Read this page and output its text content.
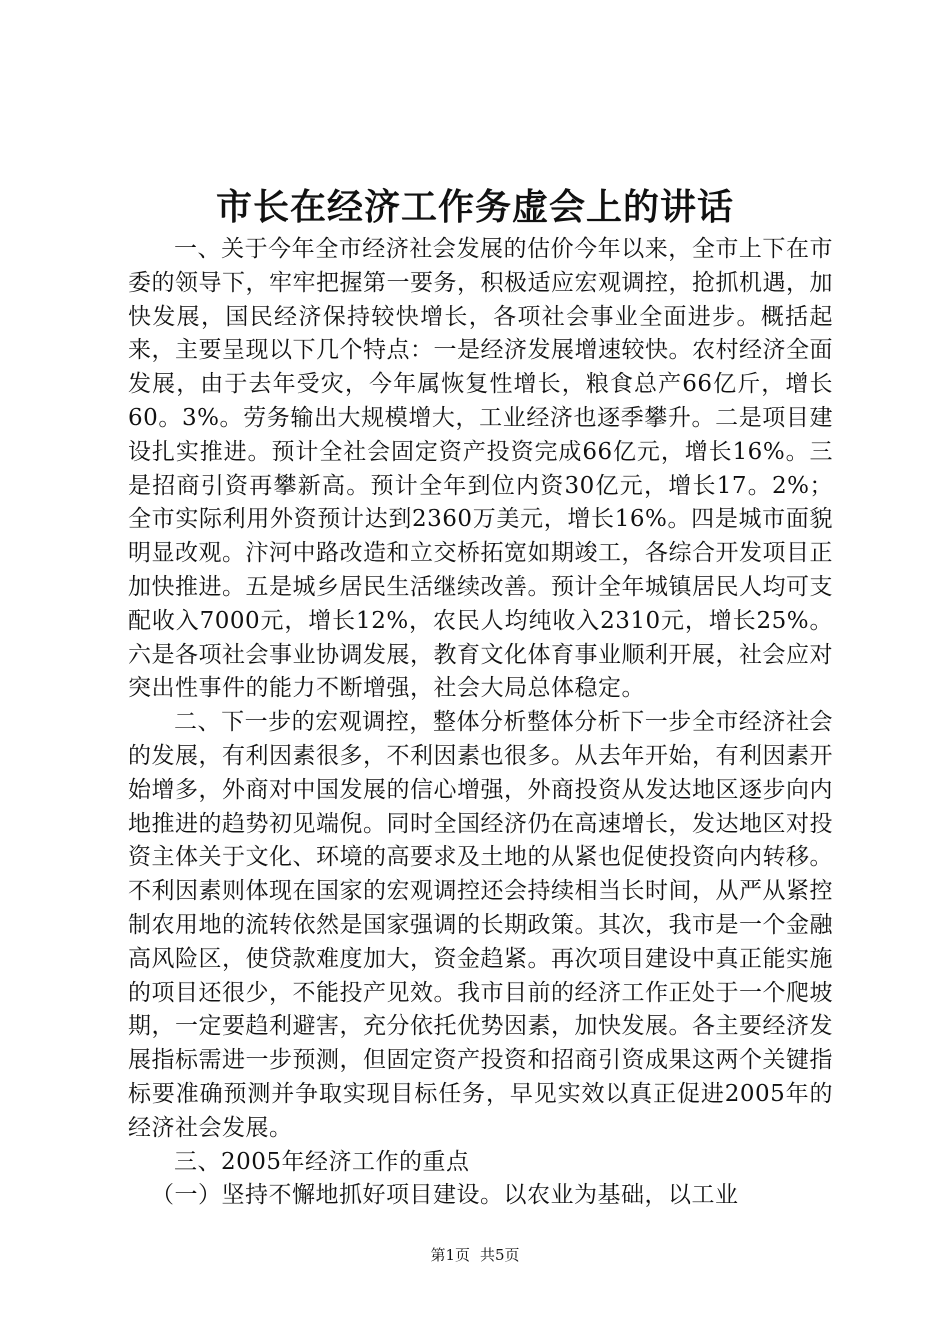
市长在经济工作务虚会上的讲话

一、关于今年全市经济社会发展的估价今年以来，全市上下在市委的领导下，牢牢把握第一要务，积极适应宏观调控，抢抓机遇，加快发展，国民经济保持较快增长，各项社会事业全面进步。概括起来，主要呈现以下几个特点：一是经济发展增速较快。农村经济全面发展，由于去年受灾，今年属恢复性增长，粮食总产66亿斤，增长60。3%。劳务输出大规模增大，工业经济也逐季攀升。二是项目建设扎实推进。预计全社会固定资产投资完成66亿元，增长16%。三是招商引资再攀新高。预计全年到位内资30亿元，增长17。2%；全市实际利用外资预计达到2360万美元，增长16%。四是城市面貌明显改观。汴河中路改造和立交桥拓宽如期竣工，各综合开发项目正加快推进。五是城乡居民生活继续改善。预计全年城镇居民人均可支配收入7000元，增长12%，农民人均纯收入2310元，增长25%。六是各项社会事业协调发展，教育文化体育事业顺利开展，社会应对突出性事件的能力不断增强，社会大局总体稳定。

二、下一步的宏观调控，整体分析整体分析下一步全市经济社会的发展，有利因素很多，不利因素也很多。从去年开始，有利因素开始增多，外商对中国发展的信心增强，外商投资从发达地区逐步向内地推进的趋势初见端倪。同时全国经济仍在高速增长，发达地区对投资主体关于文化、环境的高要求及土地的从紧也促使投资向内转移。不利因素则体现在国家的宏观调控还会持续相当长时间，从严从紧控制农用地的流转依然是国家强调的长期政策。其次，我市是一个金融高风险区，使贷款难度加大，资金趋紧。再次项目建设中真正能实施的项目还很少，不能投产见效。我市目前的经济工作正处于一个爬坡期，一定要趋利避害，充分依托优势因素，加快发展。各主要经济发展指标需进一步预测，但固定资产投资和招商引资成果这两个关键指标要准确预测并争取实现目标任务，早见实效以真正促进2005年的经济社会发展。

三、2005年经济工作的重点

（一）坚持不懈地抓好项目建设。以农业为基础，以工业

第1页 共5页
